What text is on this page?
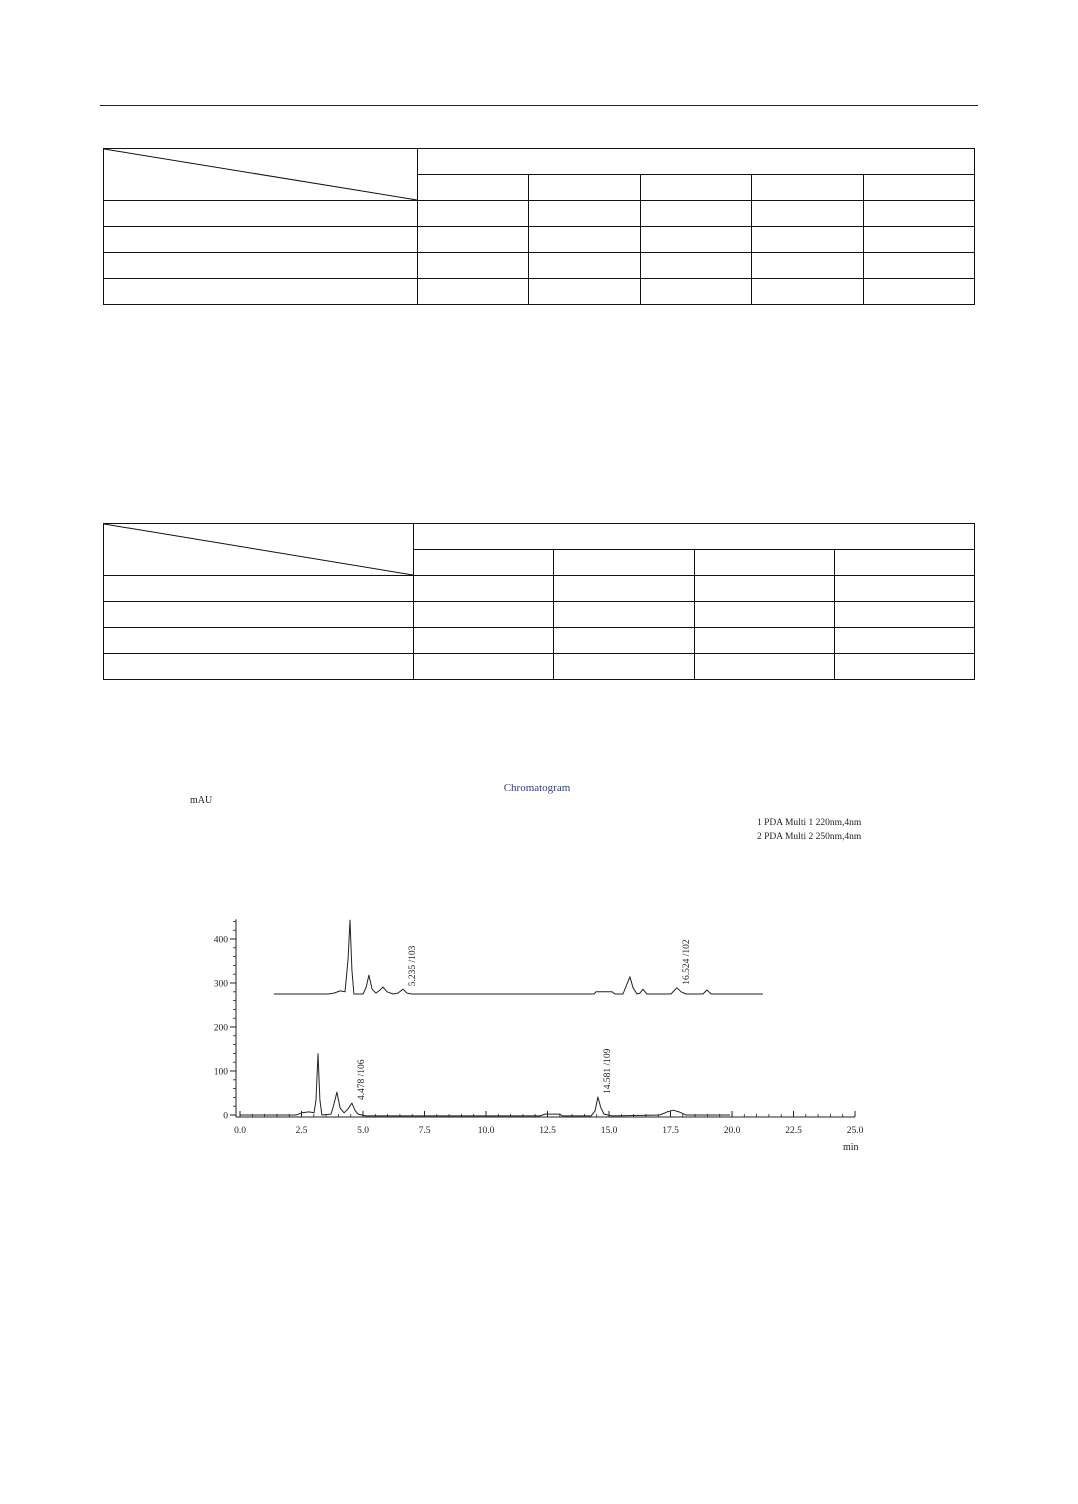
Chromatogram
mAU
1 PDA Multi 1 220nm,4nm
2 PDA Multi 2 250nm,4nm
0.0	2.5	5.0	7.5	10.0	12.5	15.0	17.5	20.0	22.5	25.0
0
100
200
300
400
4.478 /106	14.581 /109
5.235 /103	16.524 /102
min
